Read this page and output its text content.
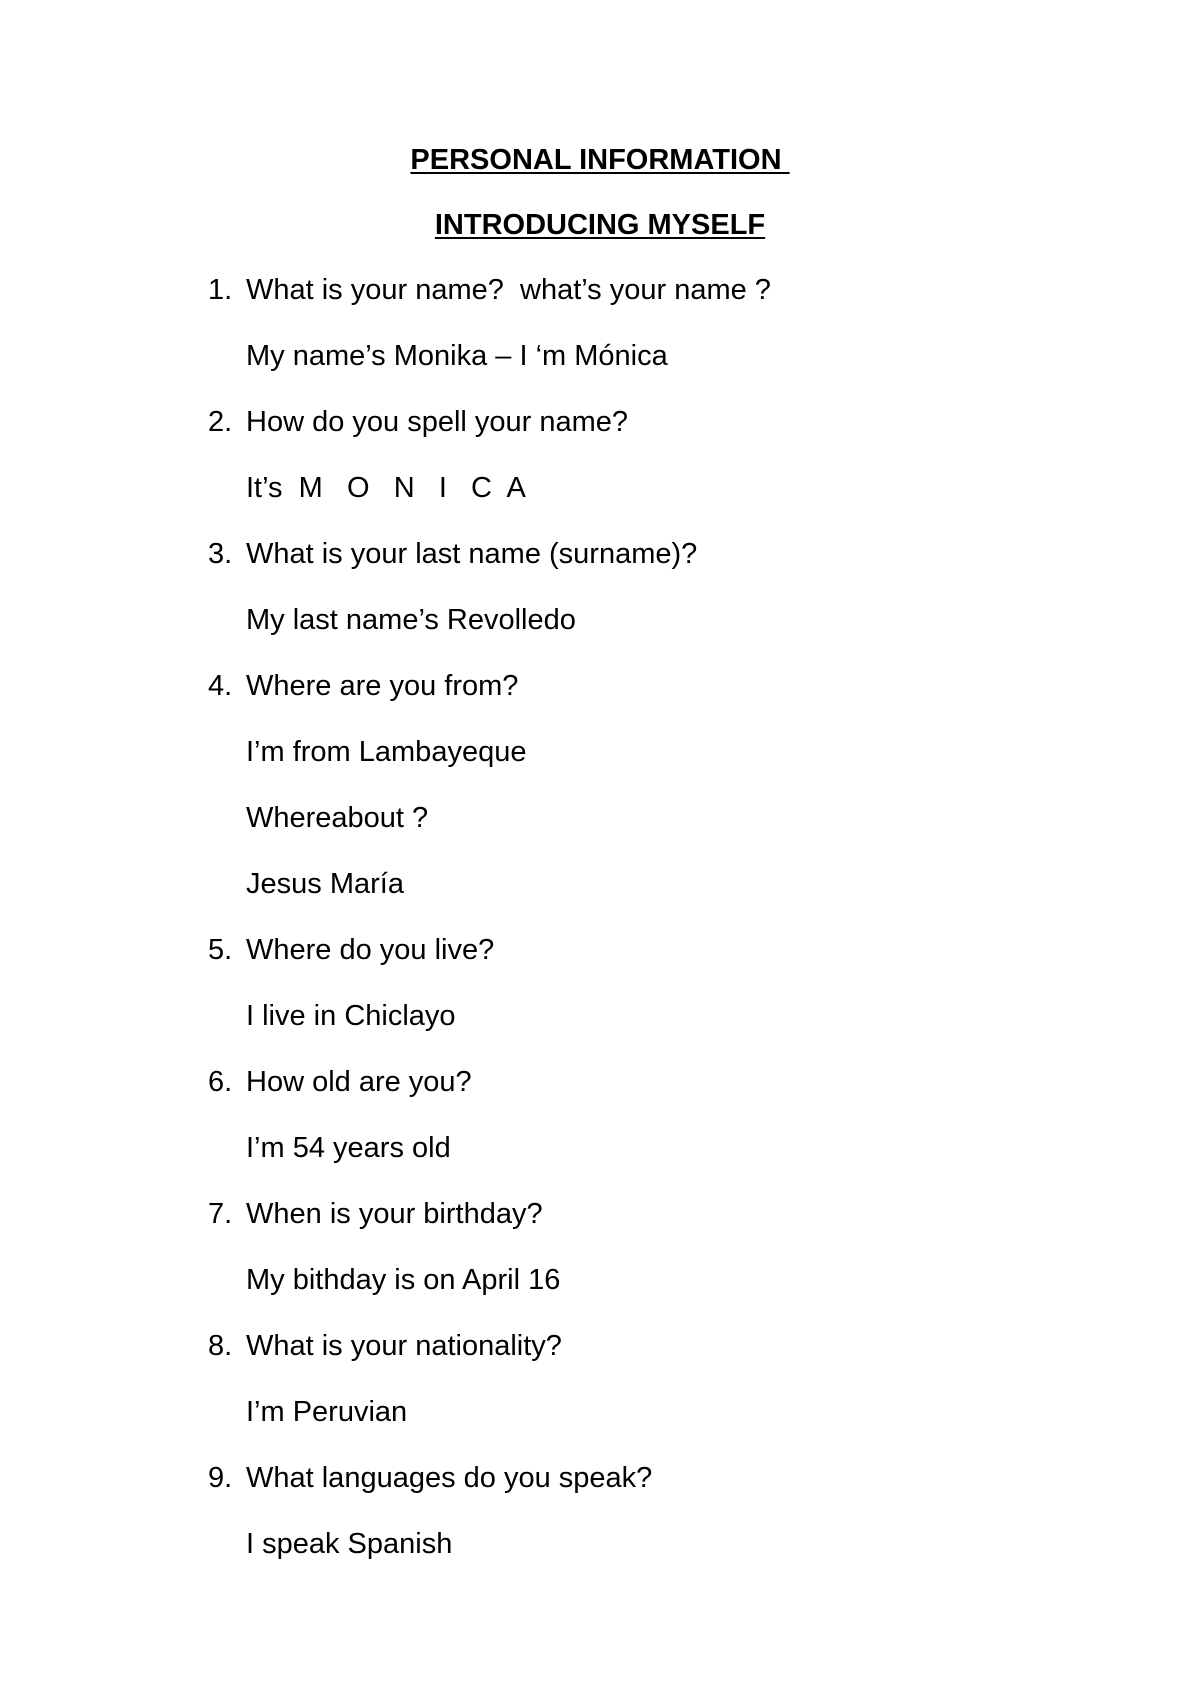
PERSONAL INFORMATION
INTRODUCING MYSELF
1. What is your name?  what’s your name ?
My name’s Monika – I ‘m Mónica
2. How do you spell your name?
It’s  M   O   N   I   C  A
3. What is your last name (surname)?
My last name’s Revolledo
4. Where are you from?
I’m from Lambayeque
Whereabout ?
Jesus María
5. Where do you live?
I live in Chiclayo
6. How old are you?
I’m 54 years old
7. When is your birthday?
My bithday is on April 16
8. What is your nationality?
I’m Peruvian
9. What languages do you speak?
I speak Spanish
